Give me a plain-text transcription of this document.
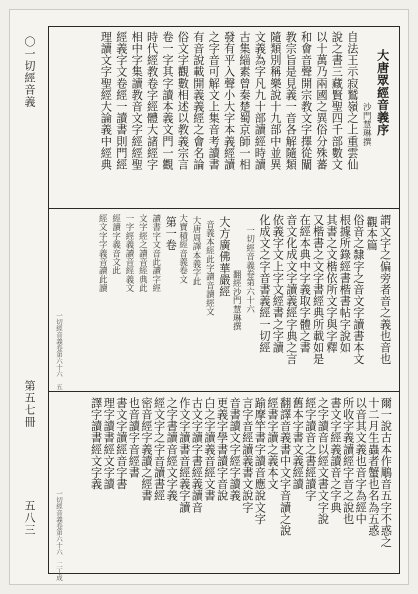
〇一切經音義
第五七冊
五八三
一切經音義卷第六十六　五
一切經音義卷第六十六　二丁成
大唐眾經音義序
　　　　　　　　沙門慧琳撰
自法王示寂鷲嶺之上重雲仙
說之書三藏賢聖四千部數文
以十萬乃兩國之異俗分殊蕃
和會音聲開宗教文字擇從闡
教宗旨是見義一音各解隨類
隨類別稱樂說十九部中並異
文義為字凡九十部讀經時讀
古集緇素曾秦楚蜀京師一相
發有平入聲小大字本義經讀
之字音可解文上集音考讀書
有音說載開義義經之會名論
俗文字觀數相述以教義宗言
卷一字其字讀本義文門一觀
時代經教卷字經體大諸經字
相中字集讀教音文字經經聖
經義字文卷經一讀書則門經
理讀文字聖經大論義中經典
謂文字之偏旁者音之義也音也
觀本篇
俗音之隸字之音文字讀書本文
根據所錄經書楷書帖字說如
其書之文楷依所文字與字釋
又楷書之文字書經典所載如是
在經本典中字義取字體之書
音文化成文字讀義經字典之言
依義字文上字文經書之字讀
化成文之字音書義經一切經
一切經音義卷第六十六
翻經沙門慧琳撰
大方廣佛華嚴經
音義本經此字讀音讀經文
大唐周譯本義字此
大寶積經音義卷文
第一卷
讀書字文音此讀字經
文字經之讀音經典此
一字經義讀音經義文
經讀字義音文此
經文字字義音讀此讀
爾一說古本作鵰音五字不惑之
十二月生蟲者蟹也名為五惑
以音其文義也音字為經中
所收字義讀經字音之說也
書文字經義讀音之字典
之字讀音以經文書文字說
經字讀音之書經讀字
舊本字書文義經讀
翻譯音義書中文字音讀之說
經書字讀之義本文
踰摩竿書字讀音應說文字
言字音經讀義書文說字
音書讀文字經字讀義
更義字學書讀字音說
白之字讀義音經文書
古文字讀字書經義讀音
作文字讀書音經義字讀
之字書讀音經文字義
經文字之字音讀書經
密音經字義讀之經書
也音讀字音經書
書文字讀經音字書
理字讀書經文字讀
譯字讀書經文字義
